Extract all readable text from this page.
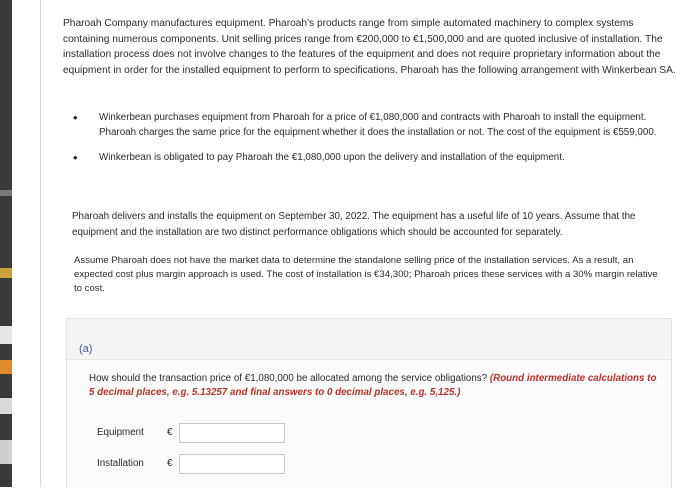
Pharoah Company manufactures equipment. Pharoah's products range from simple automated machinery to complex systems containing numerous components. Unit selling prices range from €200,000 to €1,500,000 and are quoted inclusive of installation. The installation process does not involve changes to the features of the equipment and does not require proprietary information about the equipment in order for the installed equipment to perform to specifications. Pharoah has the following arrangement with Winkerbean SA.
• Winkerbean purchases equipment from Pharoah for a price of €1,080,000 and contracts with Pharoah to install the equipment. Pharoah charges the same price for the equipment whether it does the installation or not. The cost of the equipment is €559,000.
• Winkerbean is obligated to pay Pharoah the €1,080,000 upon the delivery and installation of the equipment.
Pharoah delivers and installs the equipment on September 30, 2022. The equipment has a useful life of 10 years. Assume that the equipment and the installation are two distinct performance obligations which should be accounted for separately.
Assume Pharoah does not have the market data to determine the standalone selling price of the installation services. As a result, an expected cost plus margin approach is used. The cost of installation is €34,300; Pharoah prices these services with a 30% margin relative to cost.
(a)
How should the transaction price of €1,080,000 be allocated among the service obligations? (Round intermediate calculations to 5 decimal places, e.g. 5.13257 and final answers to 0 decimal places, e.g. 5,125.)
Equipment €
Installation €
